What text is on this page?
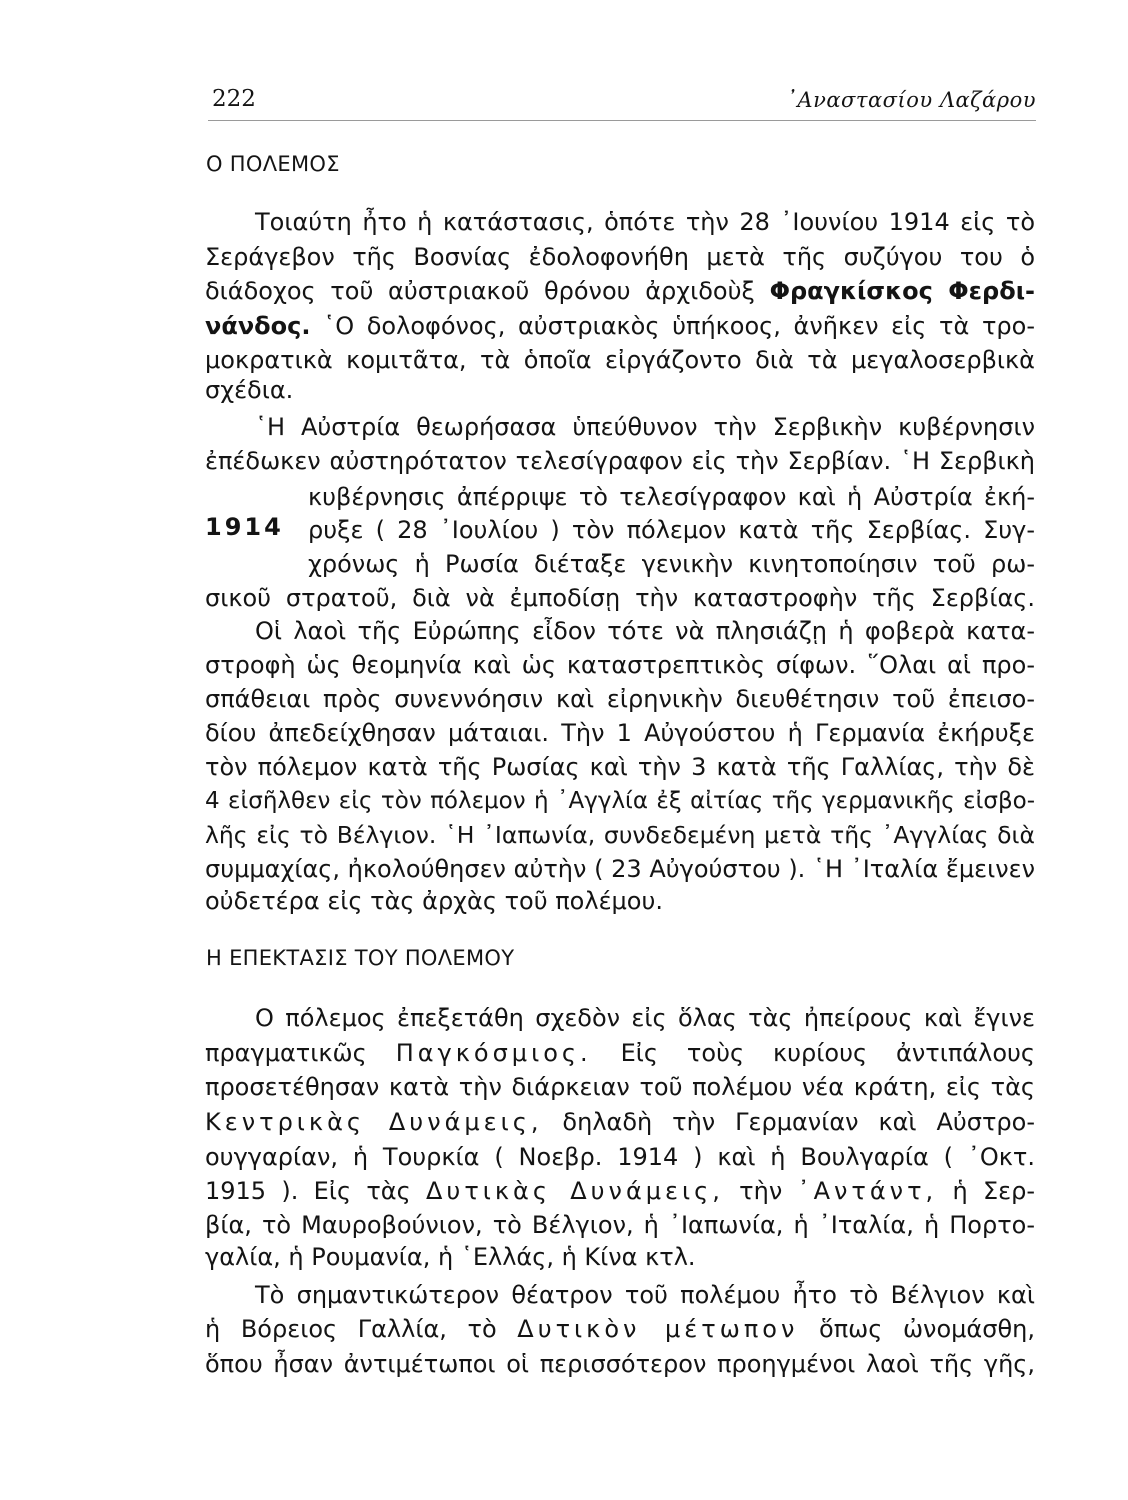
222	᾿Αναστασίου Λαζάρου
Ο ΠΟΛΕΜΟΣ
Τοιαύτη ἦτο ἡ κατάστασις, ὁπότε τὴν 28 ᾿Ιουνίου 1914 εἰς τὸ
Σεράγεβον τῆς Βοσνίας ἐδολοφονήθη μετὰ τῆς συζύγου του ὁ
διάδοχος τοῦ αὐστριακοῦ θρόνου ἀρχιδοὺξ Φραγκίσκος Φερδι-
νάνδος. ῾Ο δολοφόνος, αὐστριακὸς ὑπήκοος, ἀνῆκεν εἰς τὰ τρο-
μοκρατικὰ κομιτᾶτα, τὰ ὁποῖα εἰργάζοντο διὰ τὰ μεγαλοσερβικὰ
σχέδια.
῾Η Αὐστρία θεωρήσασα ὑπεύθυνον τὴν Σερβικὴν κυβέρνησιν
ἐπέδωκεν αὐστηρότατον τελεσίγραφον εἰς τὴν Σερβίαν. ῾Η Σερβικὴ
κυβέρνησις ἀπέρριψε τὸ τελεσίγραφον καὶ ἡ Αὐστρία ἐκή-
1914 ρυξε ( 28 ᾿Ιουλίου ) τὸν πόλεμον κατὰ τῆς Σερβίας. Συγ-
χρόνως ἡ Ρωσία διέταξε γενικὴν κινητοποίησιν τοῦ ρω-
σικοῦ στρατοῦ, διὰ νὰ ἐμποδίσῃ τὴν καταστροφὴν τῆς Σερβίας.
Οἱ λαοὶ τῆς Εὐρώπης εἶδον τότε νὰ πλησιάζῃ ἡ φοβερὰ κατα-
στροφὴ ὡς θεομηνία καὶ ὡς καταστρεπτικὸς σίφων. ῞Ολαι αἱ προ-
σπάθειαι πρὸς συνεννόησιν καὶ εἰρηνικὴν διευθέτησιν τοῦ ἐπεισο-
δίου ἀπεδείχθησαν μάταιαι. Τὴν 1 Αὐγούστου ἡ Γερμανία ἐκήρυξε
τὸν πόλεμον κατὰ τῆς Ρωσίας καὶ τὴν 3 κατὰ τῆς Γαλλίας, τὴν δὲ
4 εἰσῆλθεν εἰς τὸν πόλεμον ἡ ᾿Αγγλία ἐξ αἰτίας τῆς γερμανικῆς εἰσβο-
λῆς εἰς τὸ Βέλγιον. ῾Η ᾿Ιαπωνία, συνδεδεμένη μετὰ τῆς ᾿Αγγλίας διὰ
συμμαχίας, ἠκολούθησεν αὐτὴν ( 23 Αὐγούστου ). ῾Η ᾿Ιταλία ἔμεινεν
οὐδετέρα εἰς τὰς ἀρχὰς τοῦ πολέμου.
Η ΕΠΕΚΤΑΣΙΣ ΤΟΥ ΠΟΛΕΜΟΥ
Ο πόλεμος ἐπεξετάθη σχεδὸν εἰς ὅλας τὰς ἠπείρους καὶ ἔγινε
πραγματικῶς Παγκόσμιος. Εἰς τοὺς κυρίους ἀντιπάλους
προσετέθησαν κατὰ τὴν διάρκειαν τοῦ πολέμου νέα κράτη, εἰς τὰς
Κεντρικὰς Δυνάμεις, δηλαδὴ τὴν Γερμανίαν καὶ Αὐστρο-
ουγγαρίαν, ἡ Τουρκία ( Νοεβρ. 1914 ) καὶ ἡ Βουλγαρία ( ᾿Οκτ.
1915 ). Εἰς τὰς Δυτικὰς Δυνάμεις, τὴν ᾿Αντάντ, ἡ Σερ-
βία, τὸ Μαυροβούνιον, τὸ Βέλγιον, ἡ ᾿Ιαπωνία, ἡ ᾿Ιταλία, ἡ Πορτο-
γαλία, ἡ Ρουμανία, ἡ ῾Ελλάς, ἡ Κίνα κτλ.
Τὸ σημαντικώτερον θέατρον τοῦ πολέμου ἦτο τὸ Βέλγιον καὶ
ἡ Βόρειος Γαλλία, τὸ Δυτικὸν μέτωπον ὅπως ὠνομάσθη,
ὅπου ἦσαν ἀντιμέτωποι οἱ περισσότερον προηγμένοι λαοὶ τῆς γῆς,
